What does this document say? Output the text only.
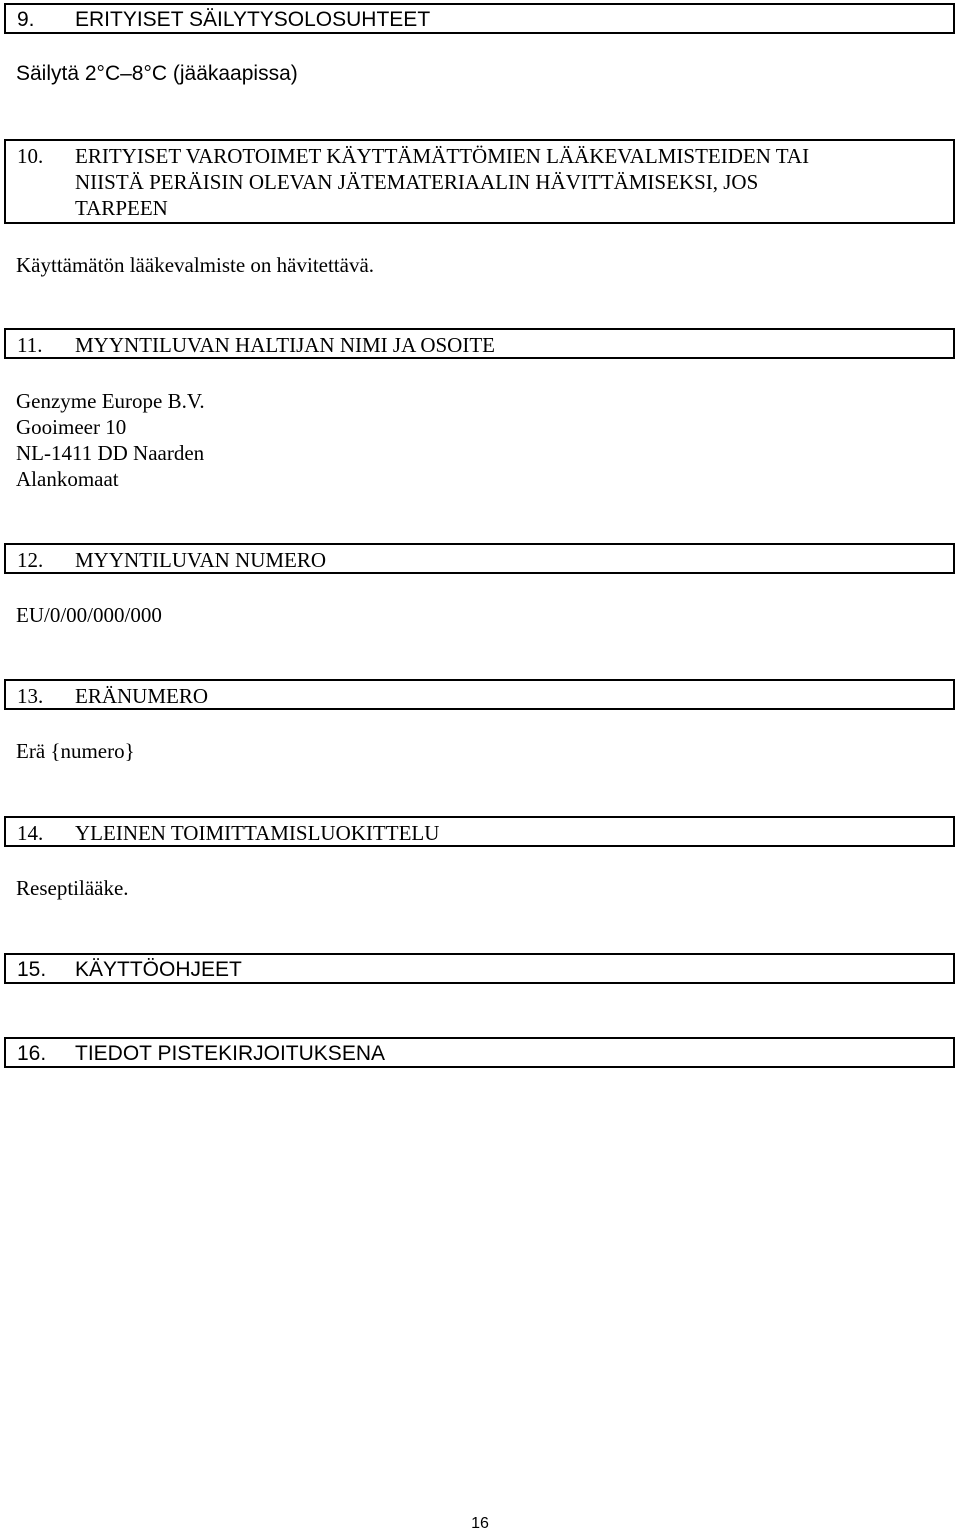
9. ERITYISET SÄILYTYSOLOSUHTEET
Säilytä 2°C–8°C (jääkaapissa)
10. ERITYISET VAROTOIMET KÄYTTÄMÄTTÖMIEN LÄÄKEVALMISTEIDEN TAI
NIISTÄ PERÄISIN OLEVAN JÄTEMATERIAALIN HÄVITTÄMISEKSI, JOS
TARPEEN
Käyttämätön lääkevalmiste on hävitettävä.
11. MYYNTILUVAN HALTIJAN NIMI JA OSOITE
Genzyme Europe B.V.
Gooimeer 10
NL-1411 DD Naarden
Alankomaat
12. MYYNTILUVAN NUMERO
EU/0/00/000/000
13. ERÄNUMERO
Erä {numero}
14. YLEINEN TOIMITTAMISLUOKITTELU
Reseptilääke.
15. KÄYTTÖOHJEET
16. TIEDOT PISTEKIRJOITUKSENA
16
